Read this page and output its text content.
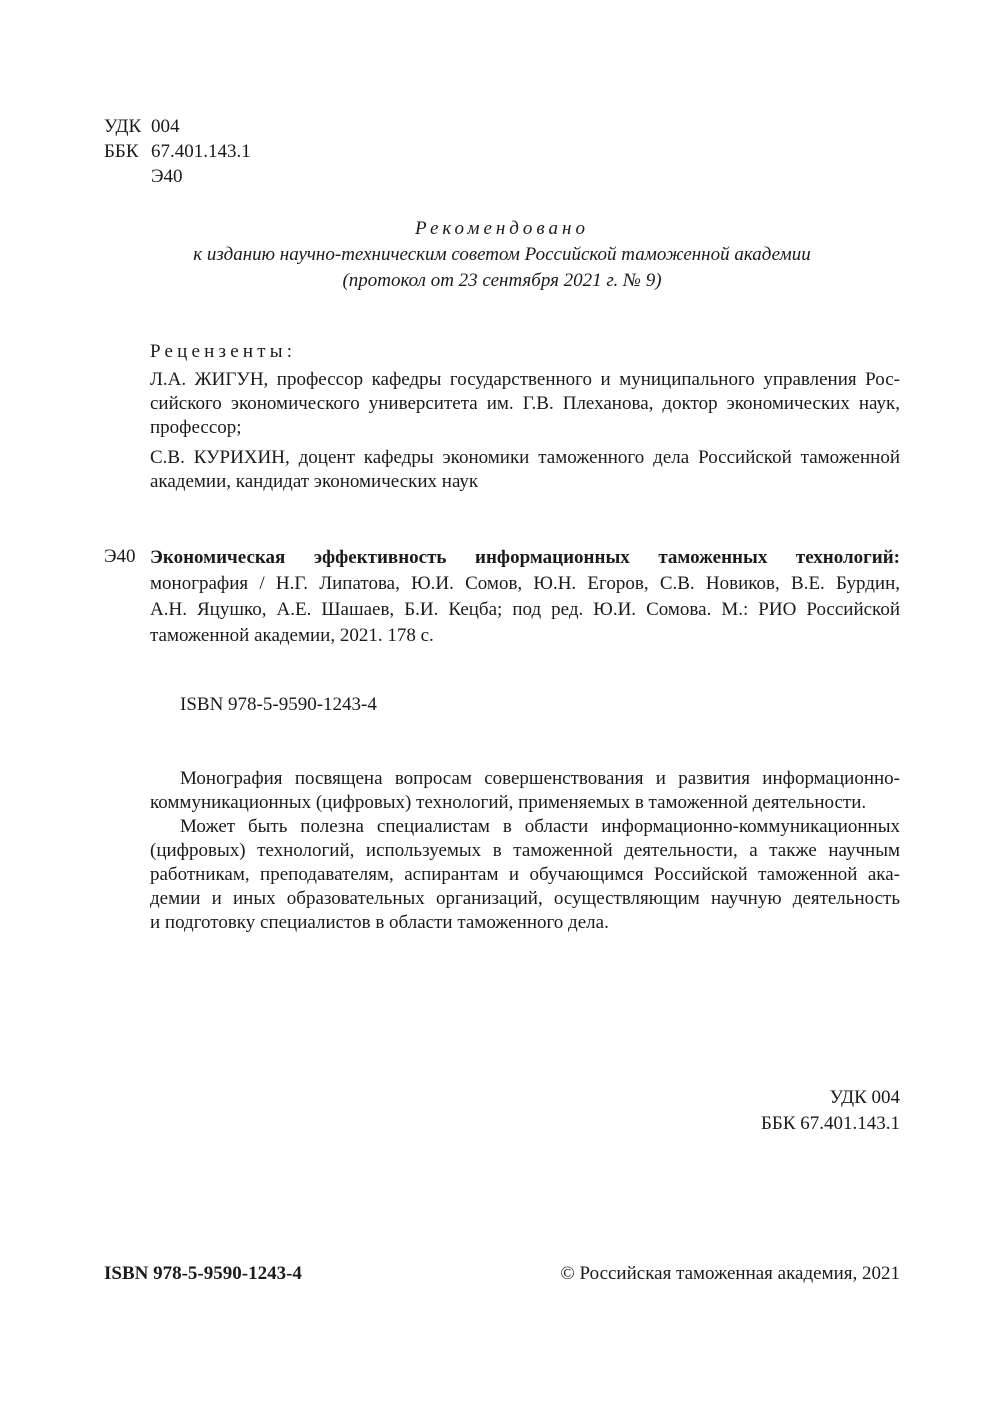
УДК 004
ББК 67.401.143.1
Э40
Рекомендовано
к изданию научно-техническим советом Российской таможенной академии
(протокол от 23 сентября 2021 г. № 9)
Рецензенты:
Л.А. ЖИГУН, профессор кафедры государственного и муниципального управления Рос-
сийского экономического университета им. Г.В. Плеханова, доктор экономических наук,
профессор;
С.В. КУРИХИН, доцент кафедры экономики таможенного дела Российской таможенной
академии, кандидат экономических наук
Э40 Экономическая эффективность информационных таможенных технологий:
монография / Н.Г. Липатова, Ю.И. Сомов, Ю.Н. Егоров, С.В. Новиков, В.Е. Бурдин,
А.Н. Яцушко, А.Е. Шашаев, Б.И. Кецба; под ред. Ю.И. Сомова. М.: РИО Российской
таможенной академии, 2021. 178 с.
ISBN 978-5-9590-1243-4
Монография посвящена вопросам совершенствования и развития информационно-
коммуникационных (цифровых) технологий, применяемых в таможенной деятельности.
Может быть полезна специалистам в области информационно-коммуникационных
(цифровых) технологий, используемых в таможенной деятельности, а также научным
работникам, преподавателям, аспирантам и обучающимся Российской таможенной ака-
демии и иных образовательных организаций, осуществляющим научную деятельность
и подготовку специалистов в области таможенного дела.
УДК 004
ББК 67.401.143.1
ISBN 978-5-9590-1243-4	© Российская таможенная академия, 2021
